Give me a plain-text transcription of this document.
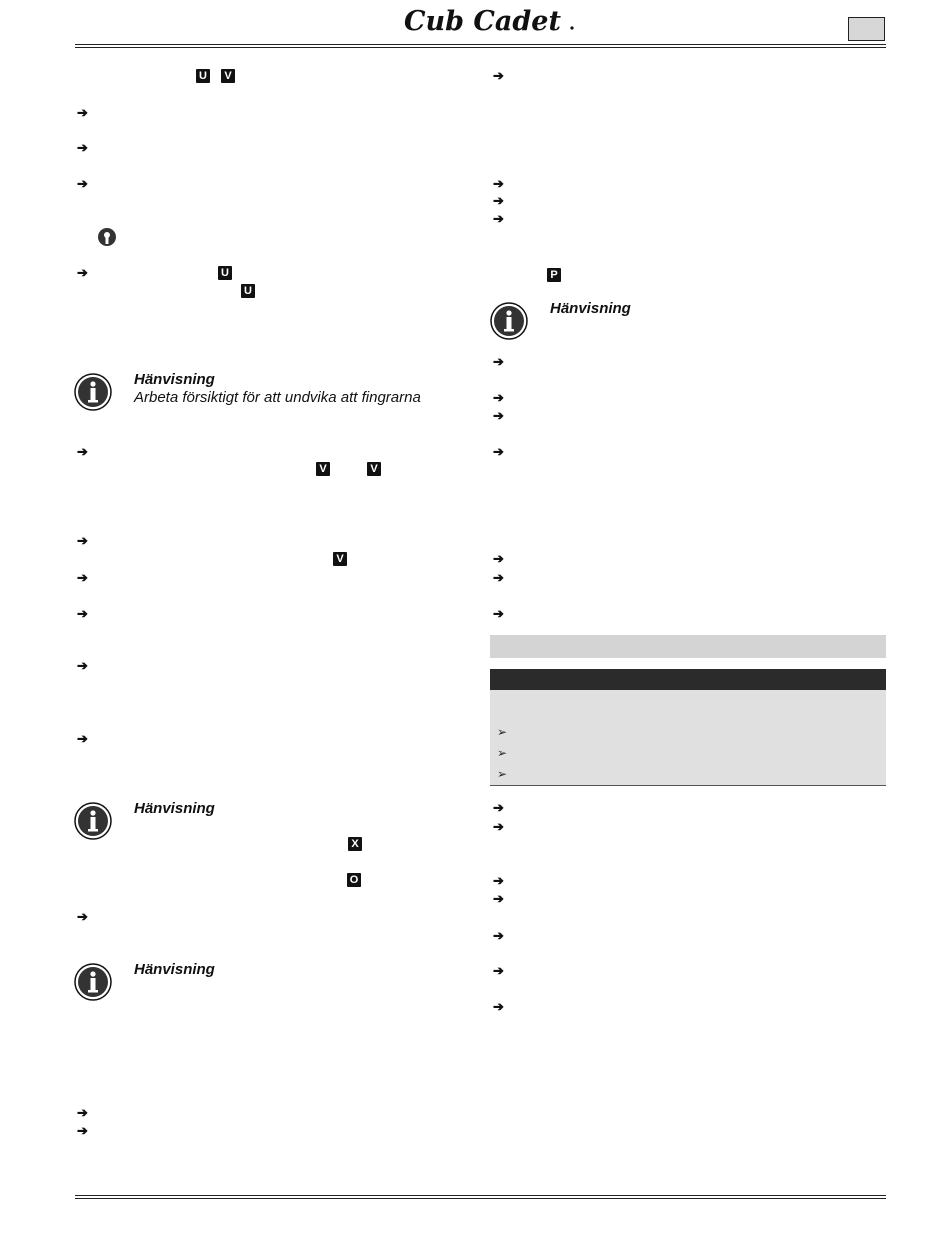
Cub Cadet
U	V
➔
➔
➔
➔	U
U
Hänvisning
Arbeta försiktigt för att undvika att fingrarna
➔
V	V
➔
V
➔
➔
➔
➔
Hänvisning
X
O
➔
Hänvisning
➔
➔
➔
➔
➔
➔
P
Hänvisning
➔
➔
➔
➔
➔
➔
➔
➢
➢
➢
➔
➔
➔
➔
➔
➔
➔
